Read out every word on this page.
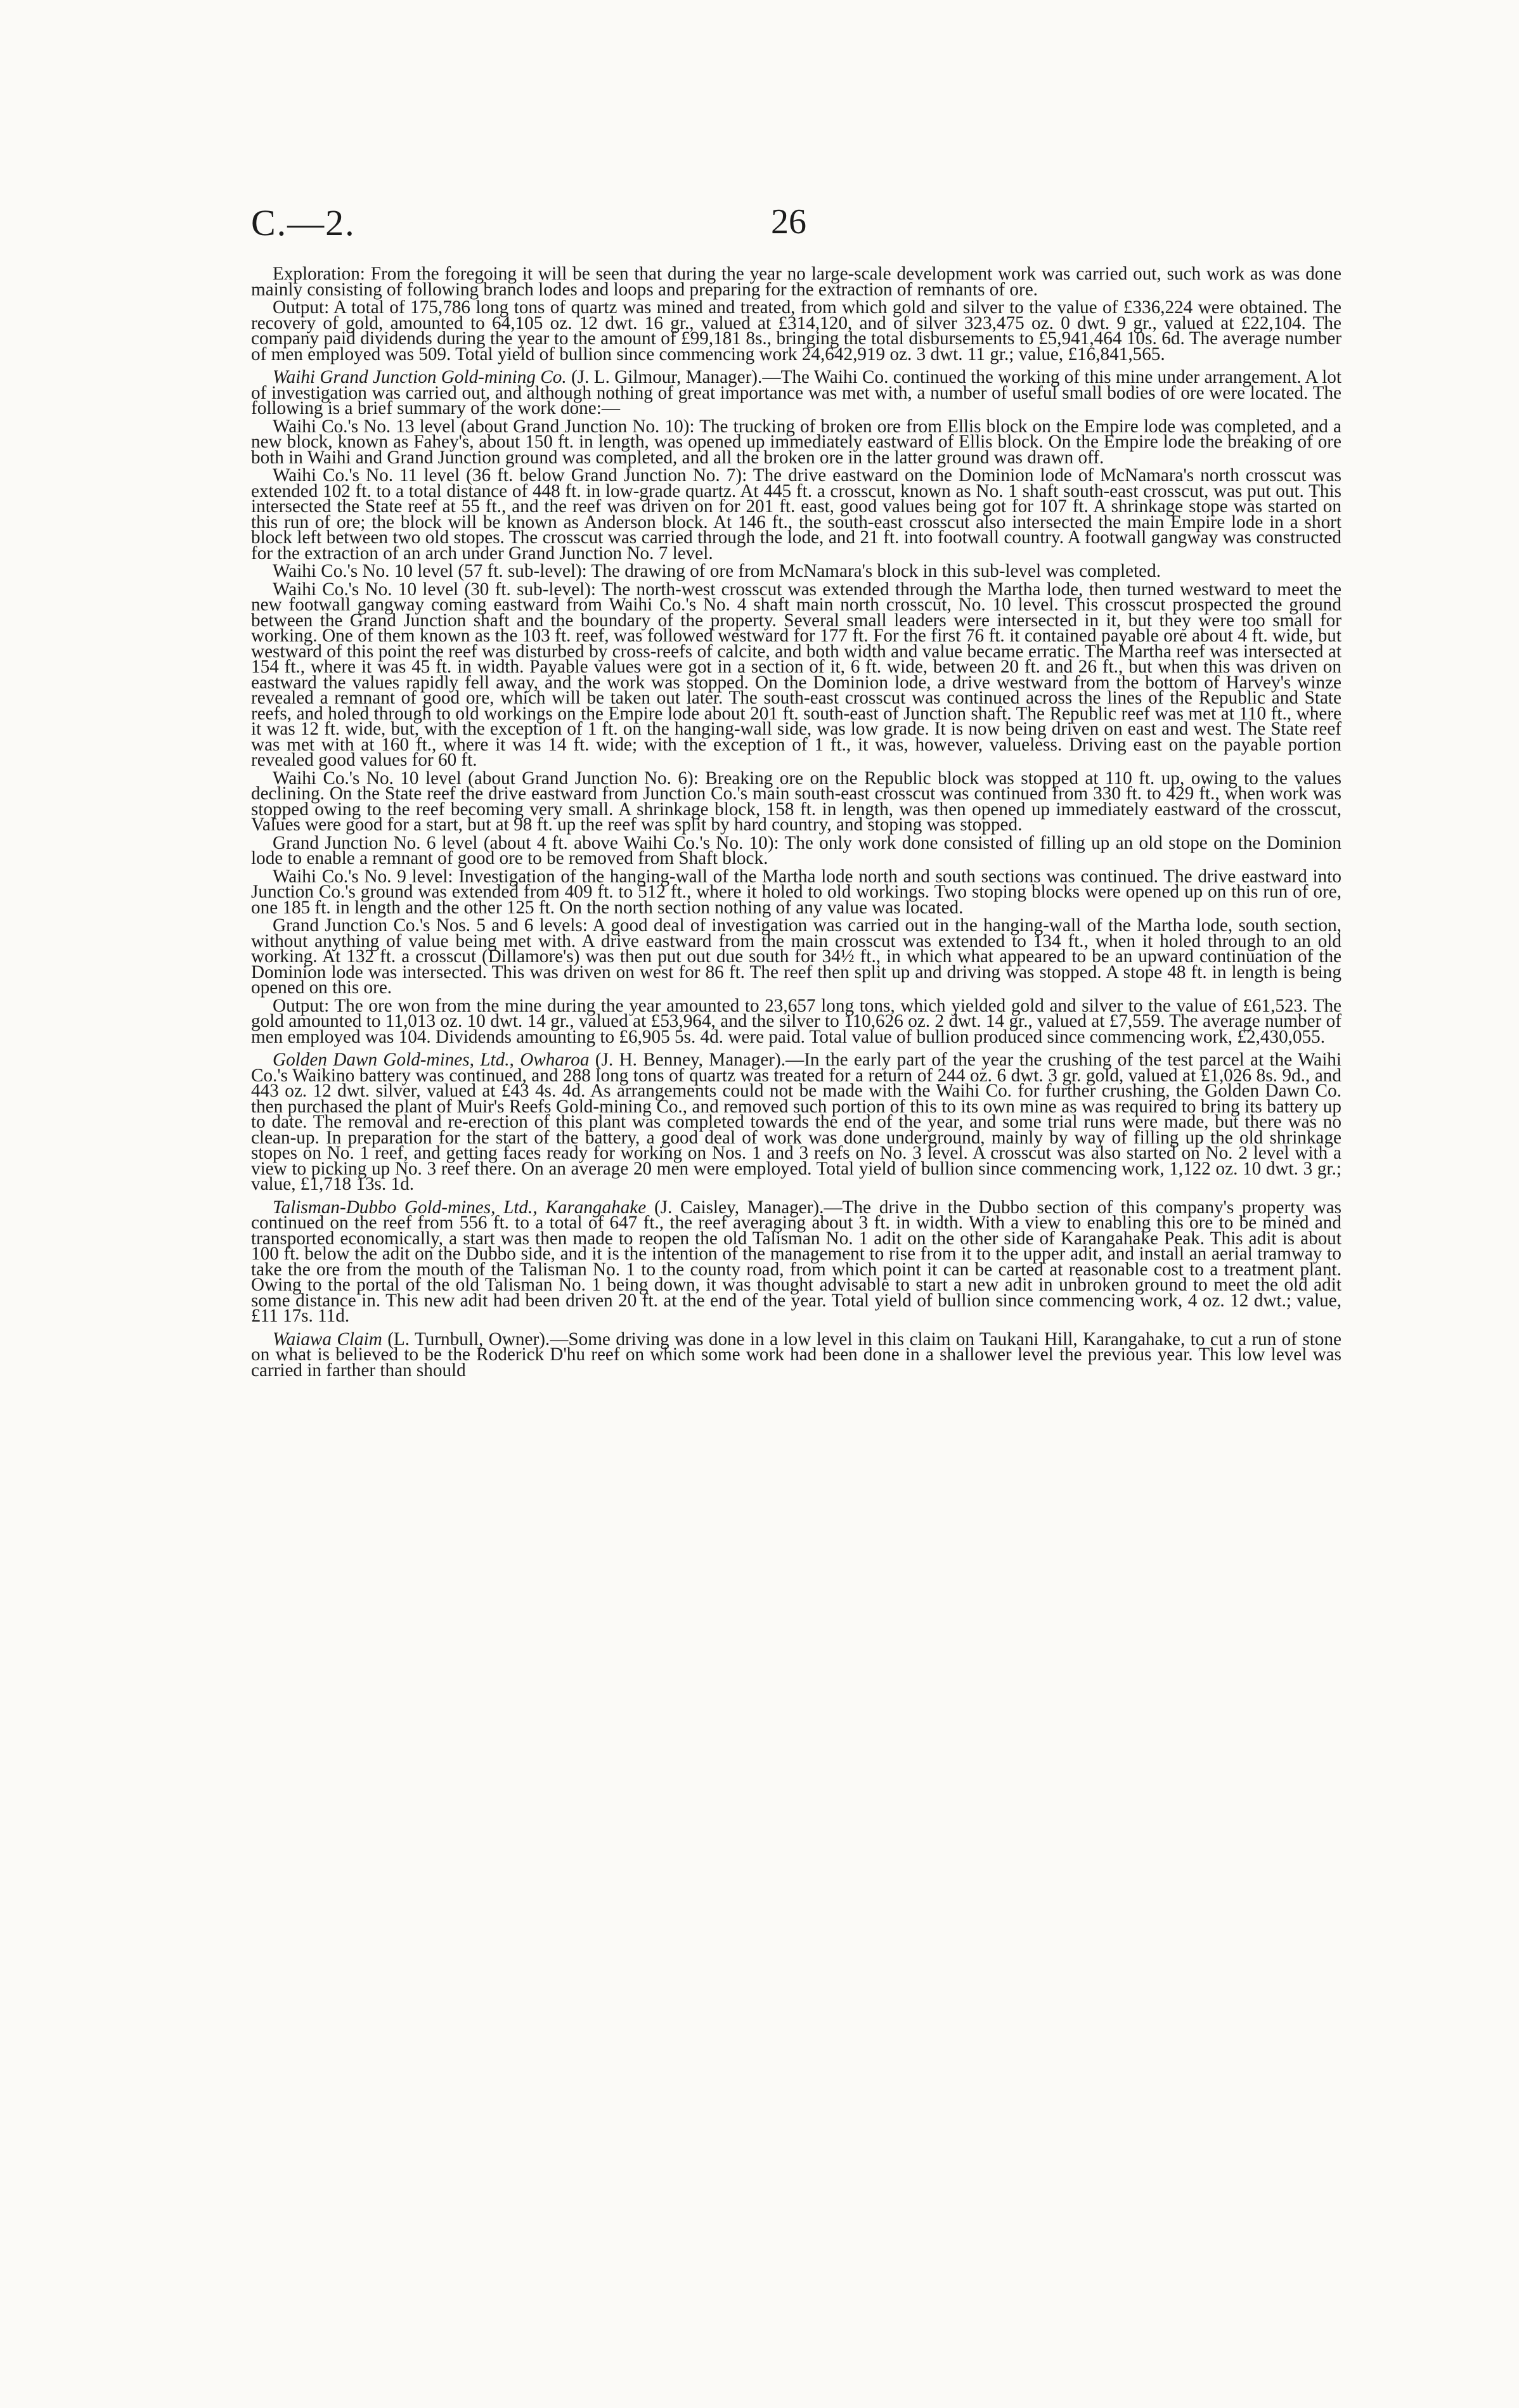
C.—2.	26

Exploration: From the foregoing it will be seen that during the year no large-scale development work was carried out, such work as was done mainly consisting of following branch lodes and loops and preparing for the extraction of remnants of ore.

Output: A total of 175,786 long tons of quartz was mined and treated, from which gold and silver to the value of £336,224 were obtained. The recovery of gold, amounted to 64,105 oz. 12 dwt. 16 gr., valued at £314,120, and of silver 323,475 oz. 0 dwt. 9 gr., valued at £22,104. The company paid dividends during the year to the amount of £99,181 8s., bringing the total disbursements to £5,941,464 10s. 6d. The average number of men employed was 509. Total yield of bullion since commencing work 24,642,919 oz. 3 dwt. 11 gr.; value, £16,841,565.

Waihi Grand Junction Gold-mining Co. (J. L. Gilmour, Manager).—The Waihi Co. continued the working of this mine under arrangement. A lot of investigation was carried out, and although nothing of great importance was met with, a number of useful small bodies of ore were located. The following is a brief summary of the work done:—

Waihi Co.'s No. 13 level (about Grand Junction No. 10): The trucking of broken ore from Ellis block on the Empire lode was completed, and a new block, known as Fahey's, about 150 ft. in length, was opened up immediately eastward of Ellis block. On the Empire lode the breaking of ore both in Waihi and Grand Junction ground was completed, and all the broken ore in the latter ground was drawn off.

Waihi Co.'s No. 11 level (36 ft. below Grand Junction No. 7): The drive eastward on the Dominion lode of McNamara's north crosscut was extended 102 ft. to a total distance of 448 ft. in low-grade quartz. At 445 ft. a crosscut, known as No. 1 shaft south-east crosscut, was put out. This intersected the State reef at 55 ft., and the reef was driven on for 201 ft. east, good values being got for 107 ft. A shrinkage stope was started on this run of ore; the block will be known as Anderson block. At 146 ft., the south-east crosscut also intersected the main Empire lode in a short block left between two old stopes. The crosscut was carried through the lode, and 21 ft. into footwall country. A footwall gangway was constructed for the extraction of an arch under Grand Junction No. 7 level.

Waihi Co.'s No. 10 level (57 ft. sub-level): The drawing of ore from McNamara's block in this sub-level was completed.

Waihi Co.'s No. 10 level (30 ft. sub-level): The north-west crosscut was extended through the Martha lode, then turned westward to meet the new footwall gangway coming eastward from Waihi Co.'s No. 4 shaft main north crosscut, No. 10 level. This crosscut prospected the ground between the Grand Junction shaft and the boundary of the property. Several small leaders were intersected in it, but they were too small for working. One of them known as the 103 ft. reef, was followed westward for 177 ft. For the first 76 ft. it contained payable ore about 4 ft. wide, but westward of this point the reef was disturbed by cross-reefs of calcite, and both width and value became erratic. The Martha reef was intersected at 154 ft., where it was 45 ft. in width. Payable values were got in a section of it, 6 ft. wide, between 20 ft. and 26 ft., but when this was driven on eastward the values rapidly fell away, and the work was stopped. On the Dominion lode, a drive westward from the bottom of Harvey's winze revealed a remnant of good ore, which will be taken out later. The south-east crosscut was continued across the lines of the Republic and State reefs, and holed through to old workings on the Empire lode about 201 ft. south-east of Junction shaft. The Republic reef was met at 110 ft., where it was 12 ft. wide, but, with the exception of 1 ft. on the hanging-wall side, was low grade. It is now being driven on east and west. The State reef was met with at 160 ft., where it was 14 ft. wide; with the exception of 1 ft., it was, however, valueless. Driving east on the payable portion revealed good values for 60 ft.

Waihi Co.'s No. 10 level (about Grand Junction No. 6): Breaking ore on the Republic block was stopped at 110 ft. up, owing to the values declining. On the State reef the drive eastward from Junction Co.'s main south-east crosscut was continued from 330 ft. to 429 ft., when work was stopped owing to the reef becoming very small. A shrinkage block, 158 ft. in length, was then opened up immediately eastward of the crosscut, Values were good for a start, but at 98 ft. up the reef was split by hard country, and stoping was stopped.

Grand Junction No. 6 level (about 4 ft. above Waihi Co.'s No. 10): The only work done consisted of filling up an old stope on the Dominion lode to enable a remnant of good ore to be removed from Shaft block.

Waihi Co.'s No. 9 level: Investigation of the hanging-wall of the Martha lode north and south sections was continued. The drive eastward into Junction Co.'s ground was extended from 409 ft. to 512 ft., where it holed to old workings. Two stoping blocks were opened up on this run of ore, one 185 ft. in length and the other 125 ft. On the north section nothing of any value was located.

Grand Junction Co.'s Nos. 5 and 6 levels: A good deal of investigation was carried out in the hanging-wall of the Martha lode, south section, without anything of value being met with. A drive eastward from the main crosscut was extended to 134 ft., when it holed through to an old working. At 132 ft. a crosscut (Dillamore's) was then put out due south for 34½ ft., in which what appeared to be an upward continuation of the Dominion lode was intersected. This was driven on west for 86 ft. The reef then split up and driving was stopped. A stope 48 ft. in length is being opened on this ore.

Output: The ore won from the mine during the year amounted to 23,657 long tons, which yielded gold and silver to the value of £61,523. The gold amounted to 11,013 oz. 10 dwt. 14 gr., valued at £53,964, and the silver to 110,626 oz. 2 dwt. 14 gr., valued at £7,559. The average number of men employed was 104. Dividends amounting to £6,905 5s. 4d. were paid. Total value of bullion produced since commencing work, £2,430,055.

Golden Dawn Gold-mines, Ltd., Owharoa (J. H. Benney, Manager).—In the early part of the year the crushing of the test parcel at the Waihi Co.'s Waikino battery was continued, and 288 long tons of quartz was treated for a return of 244 oz. 6 dwt. 3 gr. gold, valued at £1,026 8s. 9d., and 443 oz. 12 dwt. silver, valued at £43 4s. 4d. As arrangements could not be made with the Waihi Co. for further crushing, the Golden Dawn Co. then purchased the plant of Muir's Reefs Gold-mining Co., and removed such portion of this to its own mine as was required to bring its battery up to date. The removal and re-erection of this plant was completed towards the end of the year, and some trial runs were made, but there was no clean-up. In preparation for the start of the battery, a good deal of work was done underground, mainly by way of filling up the old shrinkage stopes on No. 1 reef, and getting faces ready for working on Nos. 1 and 3 reefs on No. 3 level. A crosscut was also started on No. 2 level with a view to picking up No. 3 reef there. On an average 20 men were employed. Total yield of bullion since commencing work, 1,122 oz. 10 dwt. 3 gr.; value, £1,718 13s. 1d.

Talisman-Dubbo Gold-mines, Ltd., Karangahake (J. Caisley, Manager).—The drive in the Dubbo section of this company's property was continued on the reef from 556 ft. to a total of 647 ft., the reef averaging about 3 ft. in width. With a view to enabling this ore to be mined and transported economically, a start was then made to reopen the old Talisman No. 1 adit on the other side of Karangahake Peak. This adit is about 100 ft. below the adit on the Dubbo side, and it is the intention of the management to rise from it to the upper adit, and install an aerial tramway to take the ore from the mouth of the Talisman No. 1 to the county road, from which point it can be carted at reasonable cost to a treatment plant. Owing to the portal of the old Talisman No. 1 being down, it was thought advisable to start a new adit in unbroken ground to meet the old adit some distance in. This new adit had been driven 20 ft. at the end of the year. Total yield of bullion since commencing work, 4 oz. 12 dwt.; value, £11 17s. 11d.

Waiawa Claim (L. Turnbull, Owner).—Some driving was done in a low level in this claim on Taukani Hill, Karangahake, to cut a run of stone on what is believed to be the Roderick D'hu reef on which some work had been done in a shallower level the previous year. This low level was carried in farther than should
